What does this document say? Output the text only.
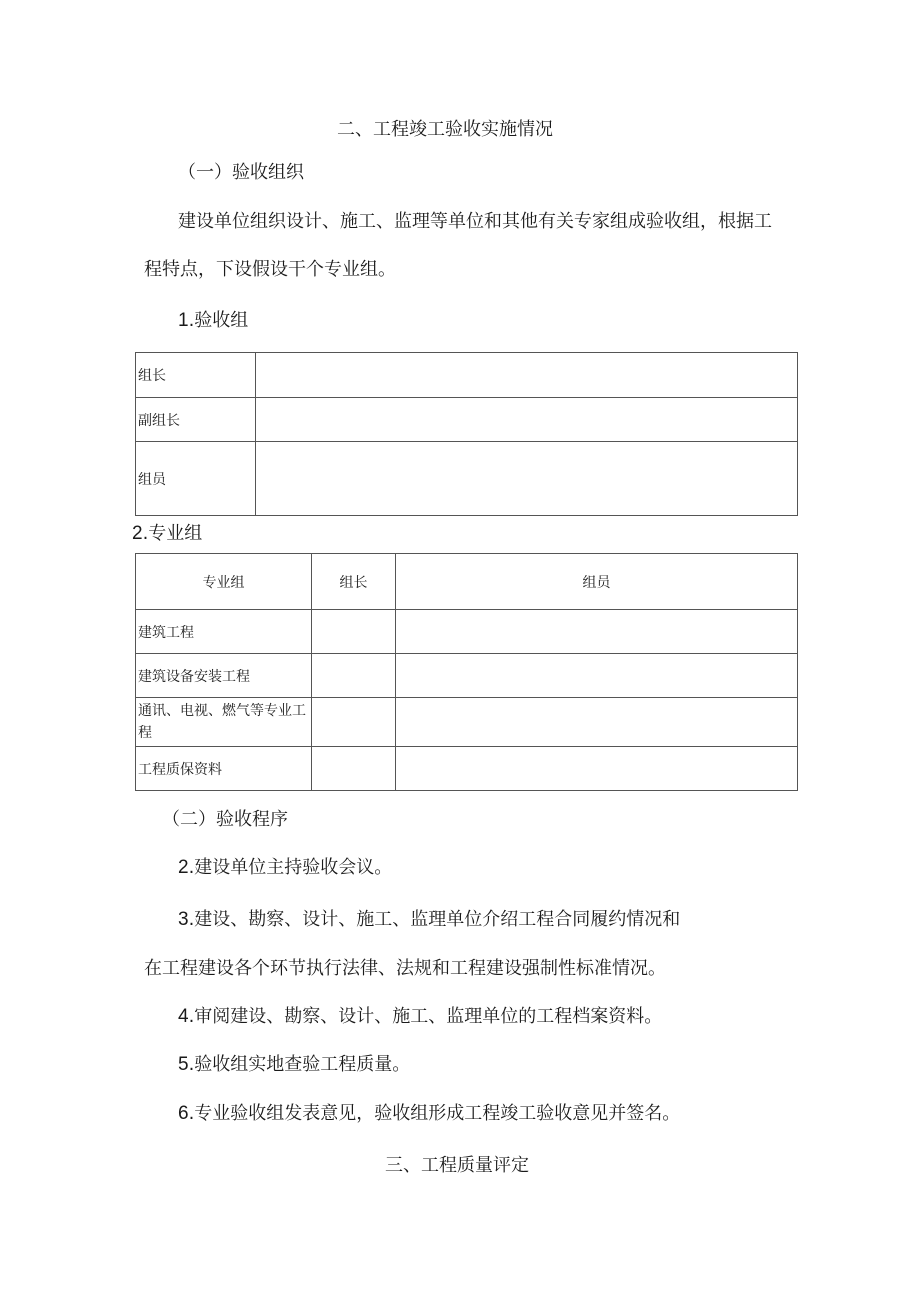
二、工程竣工验收实施情况
（一）验收组织
建设单位组织设计、施工、监理等单位和其他有关专家组成验收组，根据工
程特点，下设假设干个专业组。
1.验收组
组长	
副组长	
组员	
2.专业组
专业组	组长	组员
建筑工程		
建筑设备安装工程		
通讯、电视、燃气等专业工程		
工程质保资料		
（二）验收程序
2.建设单位主持验收会议。
3.建设、勘察、设计、施工、监理单位介绍工程合同履约情况和
在工程建设各个环节执行法律、法规和工程建设强制性标准情况。
4.审阅建设、勘察、设计、施工、监理单位的工程档案资料。
5.验收组实地查验工程质量。
6.专业验收组发表意见，验收组形成工程竣工验收意见并签名。
三、工程质量评定
